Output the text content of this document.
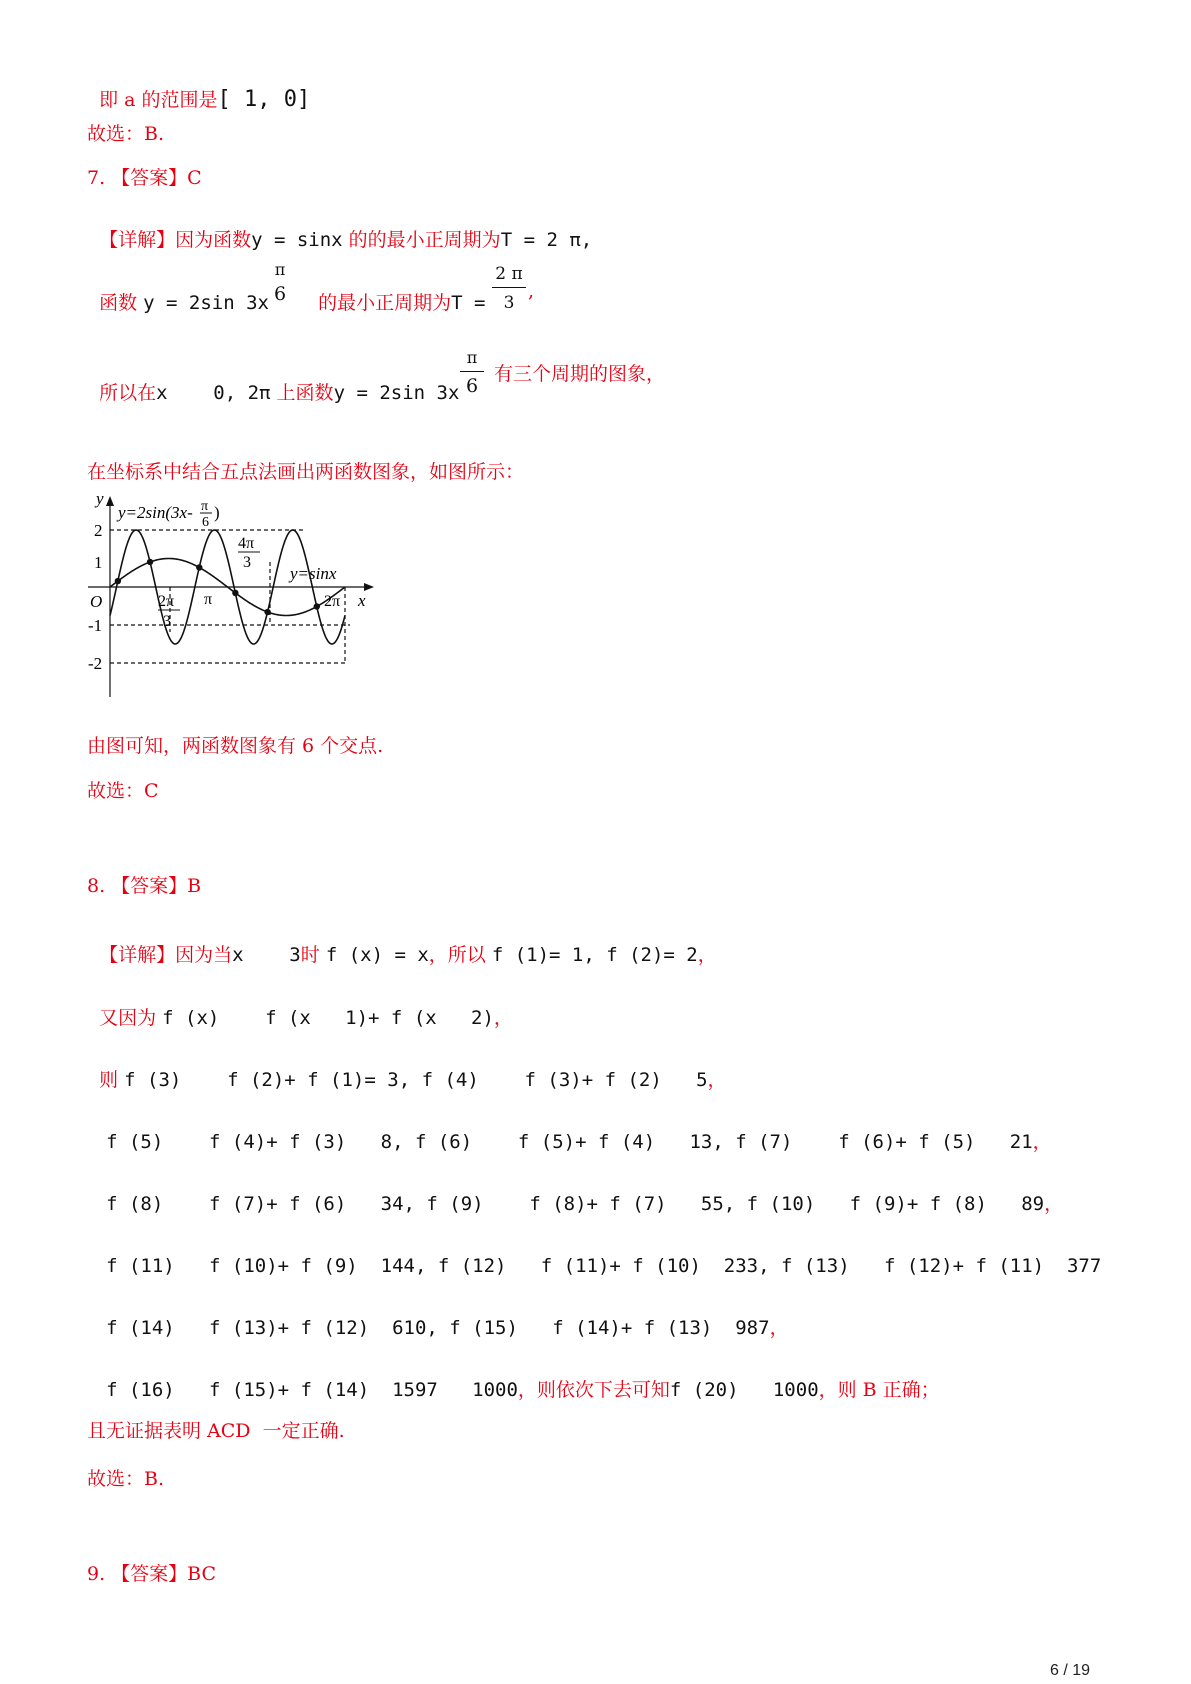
即 a 的范围是[ 1, 0]

故选：B.
7. 【答案】C

【详解】因为函数y = sinx 的的最小正周期为T = 2 π,

函数 y = 2sin 3x

π
6	的最小正周期为T =

2 π
3
,

所以在x    0, 2π 上函数y = 2sin 3x

π
6
有三个周期的图象，
在坐标系中结合五点法画出两函数图象，如图所示：
y
x
O
y=2sin(3x- π
6
)
y=sinx
2
1
-1
-2
2π
3
π
4π
3
2π
由图可知，两函数图象有 6 个交点.
故选：C
8. 【答案】B

【详解】因为当x    3时 f (x) = x，所以 f (1)= 1, f (2)= 2，

又因为 f (x)    f (x   1)+ f (x   2)，

则 f (3)    f (2)+ f (1)= 3, f (4)    f (3)+ f (2)   5，

f (5)    f (4)+ f (3)   8, f (6)    f (5)+ f (4)   13, f (7)    f (6)+ f (5)   21，

f (8)    f (7)+ f (6)   34, f (9)    f (8)+ f (7)   55, f (10)   f (9)+ f (8)   89，

f (11)   f (10)+ f (9)  144, f (12)   f (11)+ f (10)  233, f (13)   f (12)+ f (11)  377

f (14)   f (13)+ f (12)  610, f (15)   f (14)+ f (13)  987，

f (16)   f (15)+ f (14)  1597   1000，则依次下去可知f (20)   1000，则 B 正确；

且无证据表明 ACD  一定正确.
故选：B.
9. 【答案】BC
6 / 19
